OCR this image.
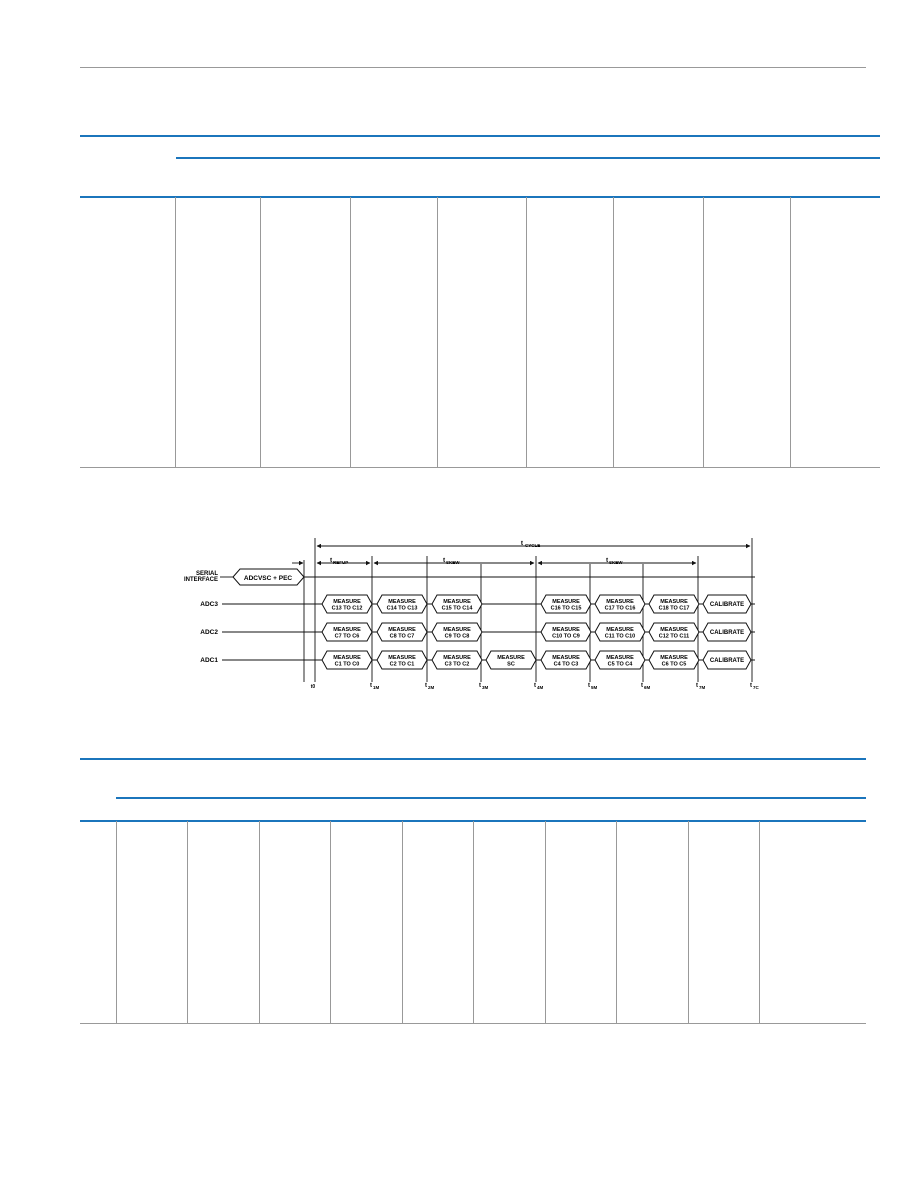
t CYCLE
t REFUP	t SKEW	t SKEW
SERIAL
INTERFACE	ADCVSC + PEC
ADC3
ADC2
ADC1
MEASURE
C13 TO C12
MEASURE
C14 TO C13
MEASURE
C15 TO C14
MEASURE
C16 TO C15
MEASURE
C17 TO C16
MEASURE
C18 TO C17
CALIBRATE
MEASURE
C7 TO C6
MEASURE
C8 TO C7
MEASURE
C9 TO C8
MEASURE
C10 TO C9
MEASURE
C11 TO C10
MEASURE
C12 TO C11
CALIBRATE
MEASURE
C1 TO C0
MEASURE
C2 TO C1
MEASURE
C3 TO C2
MEASURE
SC
MEASURE
C4 TO C3
MEASURE
C5 TO C4
MEASURE
C6 TO C5
CALIBRATE
t 1M	t 2M	t 3M	t 4M	t 5M	t 6M	t 7M	t 7C
t0
